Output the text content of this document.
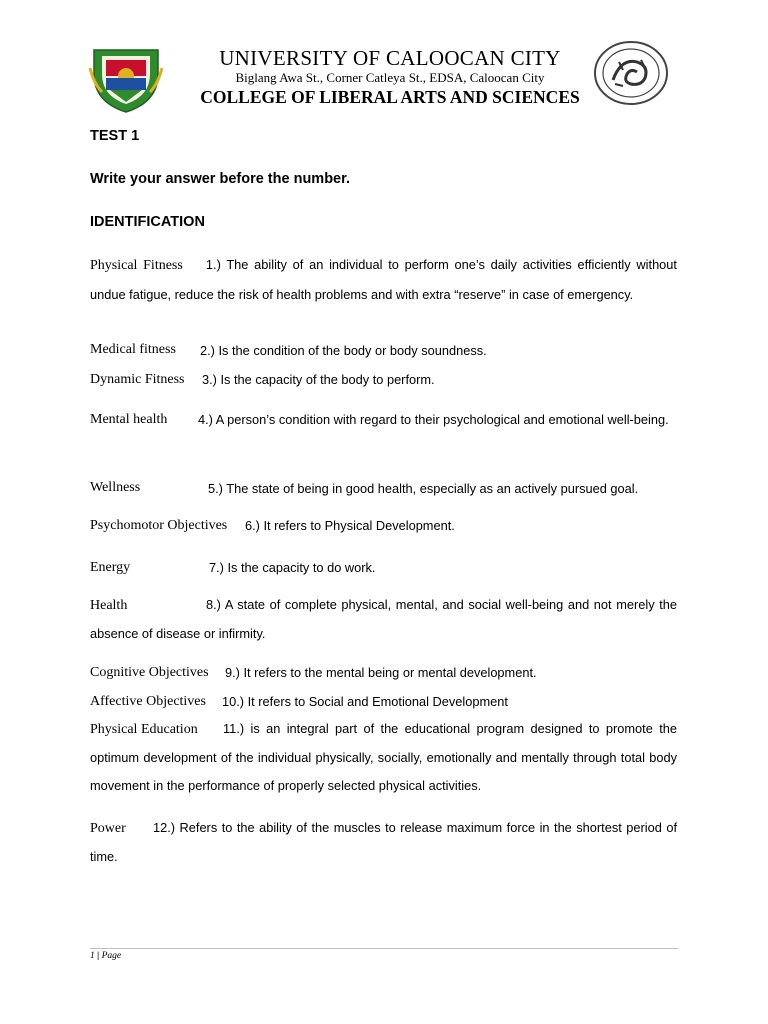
UNIVERSITY OF CALOOCAN CITY
Biglang Awa St., Corner Catleya St., EDSA, Caloocan City
COLLEGE OF LIBERAL ARTS AND SCIENCES
TEST 1
Write your answer before the number.
IDENTIFICATION
Physical Fitness 1.) The ability of an individual to perform one’s daily activities efficiently without undue fatigue, reduce the risk of health problems and with extra “reserve” in case of emergency.
Medical fitness 2.) Is the condition of the body or body soundness.
Dynamic Fitness 3.) Is the capacity of the body to perform.
Mental health	4.) A person’s condition with regard to their psychological and emotional well-being.
Wellness	5.) The state of being in good health, especially as an actively pursued goal.
Psychomotor Objectives 6.) It refers to Physical Development.
Energy	7.) Is the capacity to do work.
Health	8.) A state of complete physical, mental, and social well-being and not merely the absence of disease or infirmity.
Cognitive Objectives 9.) It refers to the mental being or mental development.
Affective Objectives 10.) It refers to Social and Emotional Development
Physical Education	11.) is an integral part of the educational program designed to promote the optimum development of the individual physically, socially, emotionally and mentally through total body movement in the performance of properly selected physical activities.
Power	12.) Refers to the ability of the muscles to release maximum force in the shortest period of time.
1 | Page
